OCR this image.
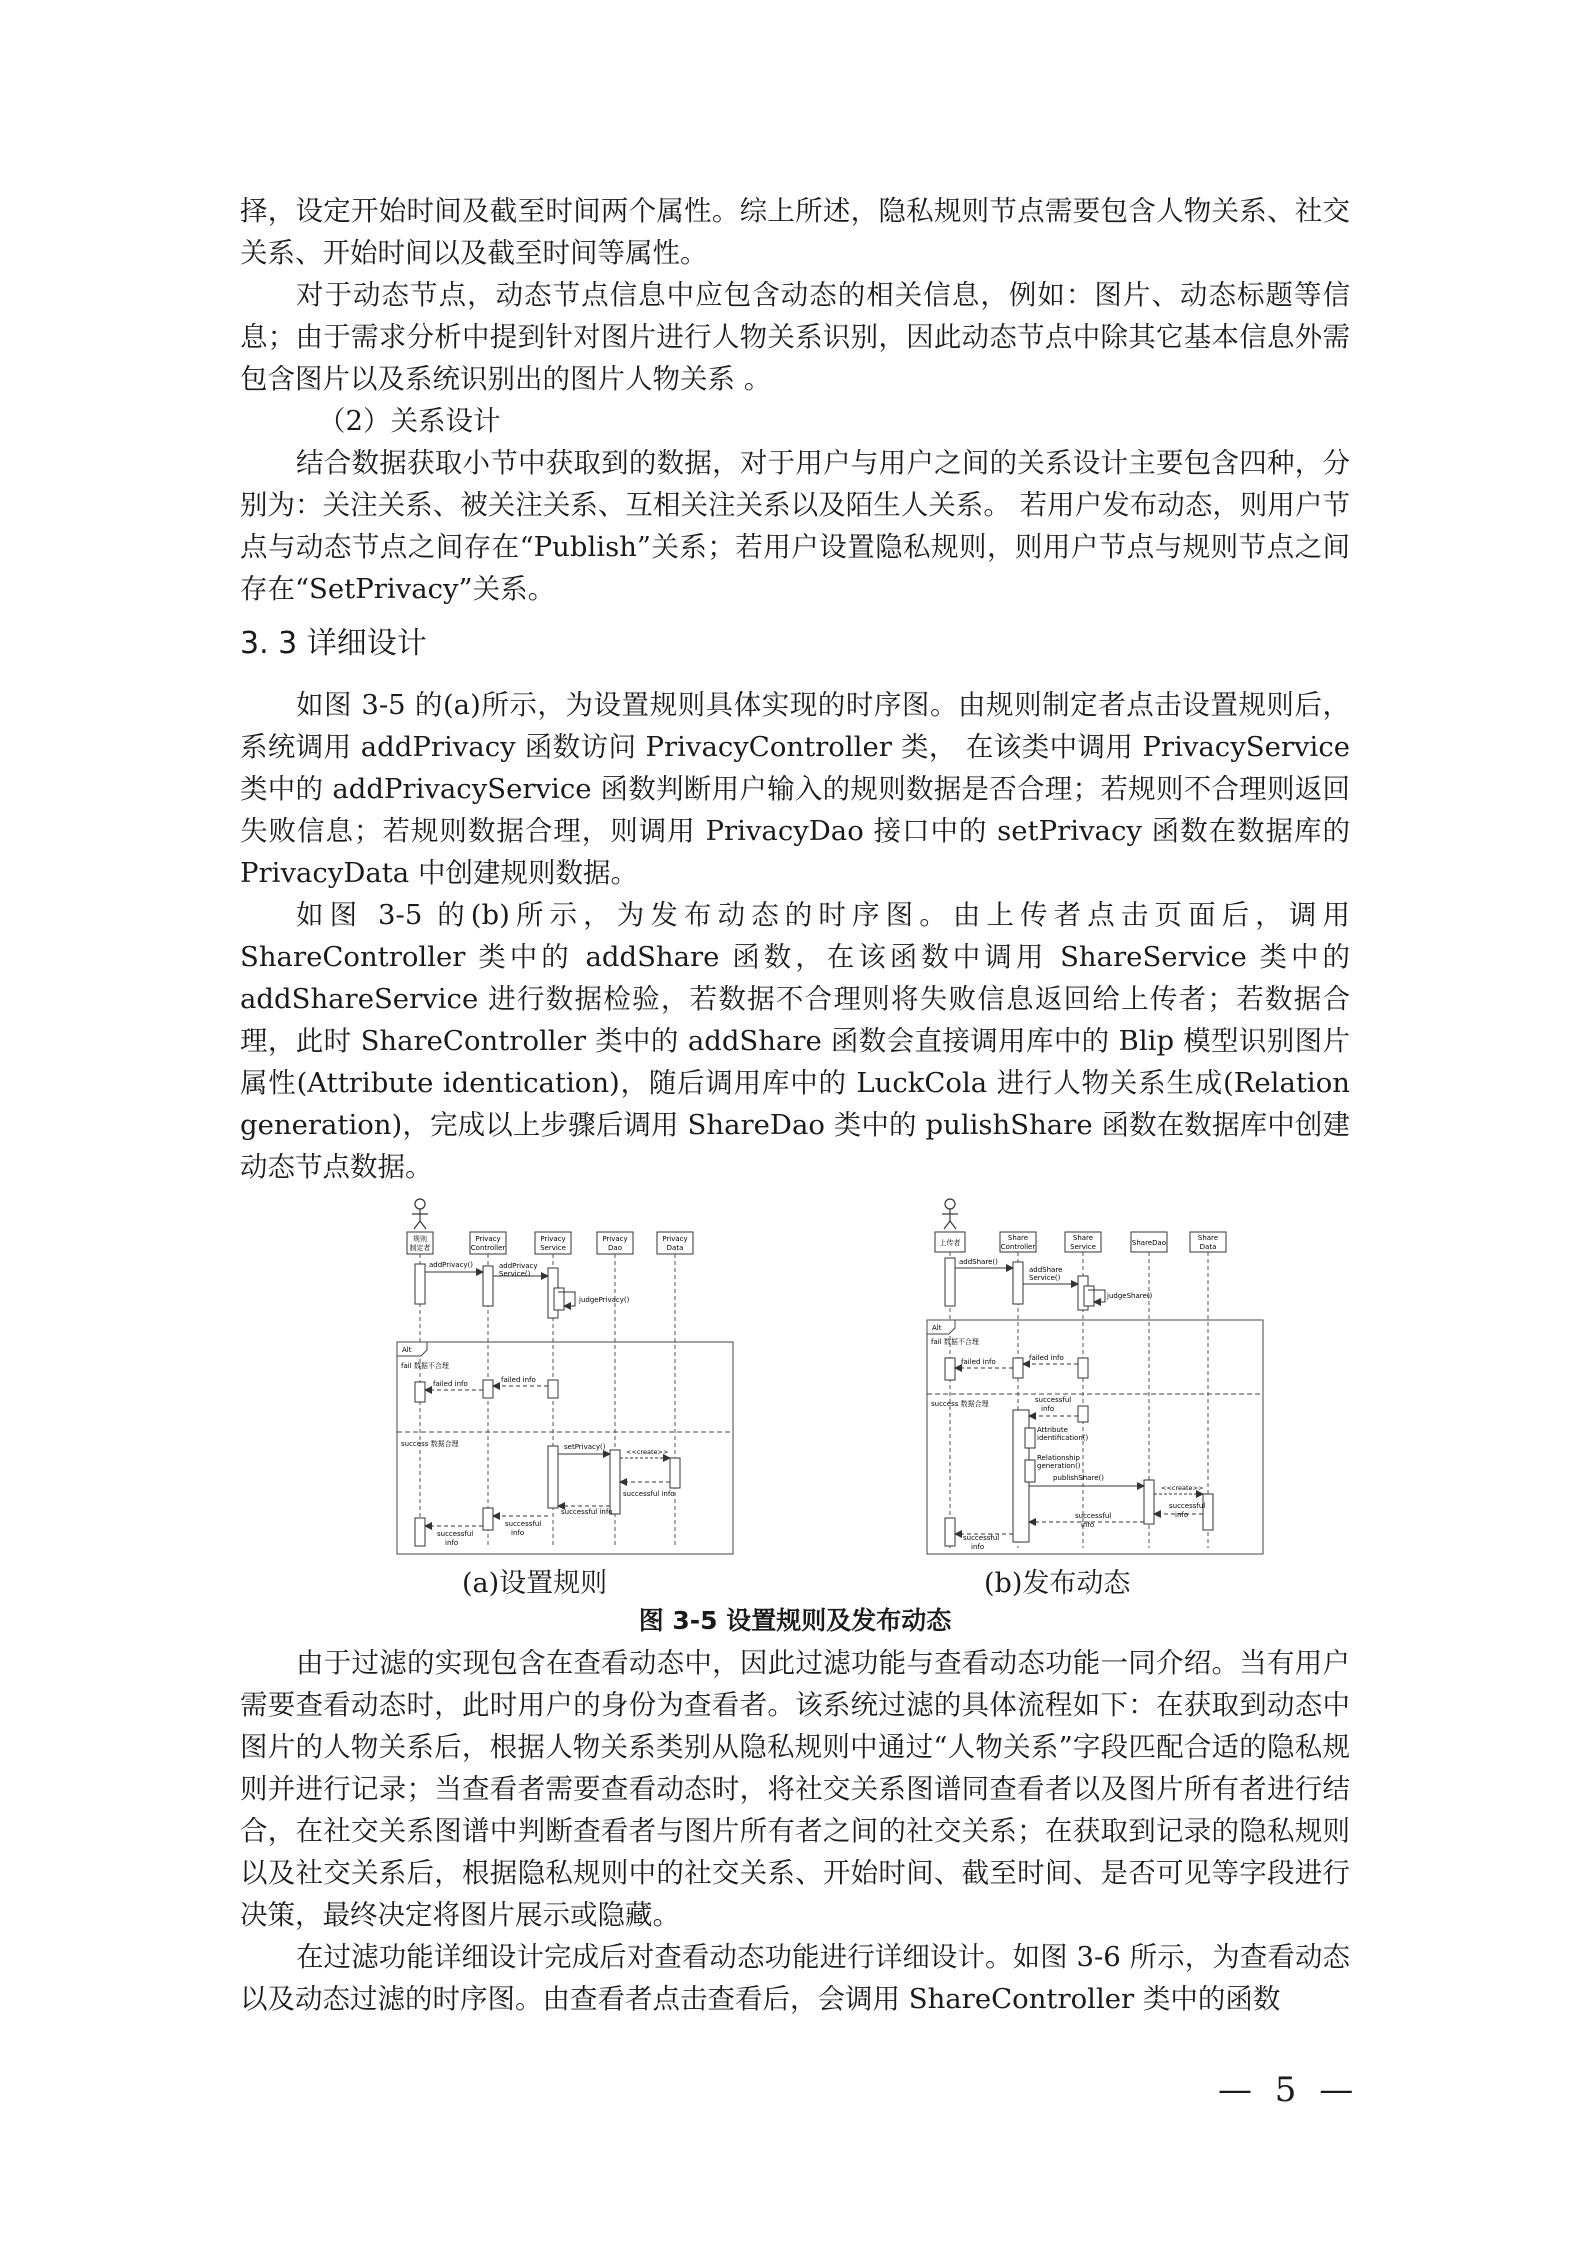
择，设定开始时间及截至时间两个属性。综上所述，隐私规则节点需要包含人物关系、社交关系、开始时间以及截至时间等属性。

对于动态节点，动态节点信息中应包含动态的相关信息，例如：图片、动态标题等信息；由于需求分析中提到针对图片进行人物关系识别，因此动态节点中除其它基本信息外需包含图片以及系统识别出的图片人物关系 。

（2）关系设计

结合数据获取小节中获取到的数据，对于用户与用户之间的关系设计主要包含四种，分别为：关注关系、被关注关系、互相关注关系以及陌生人关系。 若用户发布动态，则用户节点与动态节点之间存在“Publish”关系；若用户设置隐私规则，则用户节点与规则节点之间存在“SetPrivacy”关系。

3. 3 详细设计

如图 3-5 的(a)所示，为设置规则具体实现的时序图。由规则制定者点击设置规则后，系统调用 addPrivacy 函数访问 PrivacyController 类， 在该类中调用 PrivacyService 类中的 addPrivacyService 函数判断用户输入的规则数据是否合理；若规则不合理则返回失败信息；若规则数据合理，则调用 PrivacyDao 接口中的 setPrivacy 函数在数据库的 PrivacyData 中创建规则数据。

如图 3-5 的(b)所示，为发布动态的时序图。由上传者点击页面后，调用 ShareController 类中的 addShare 函数，在该函数中调用 ShareService 类中的 addShareService 进行数据检验，若数据不合理则将失败信息返回给上传者；若数据合理，此时 ShareController 类中的 addShare 函数会直接调用库中的 Blip 模型识别图片属性(Attribute identication)，随后调用库中的 LuckCola 进行人物关系生成(Relation generation)，完成以上步骤后调用 ShareDao 类中的 pulishShare 函数在数据库中创建动态节点数据。

规则
制定者
Privacy
Controller
Privacy
Service
Privacy
Dao
Privacy
Data
addPrivacy()	addPrivacy
Service()
judgePrivacy()
Alt
fail 数据不合理
success 数据合理
failed info
failed info
setPrivacy()
<<create>>
successful info
successful info
successful
info
successful
info
上传者
Share
Controller
Share
Service	ShareDao
Share
Data
addShare()
addShare
Service()
judgeShare()
Alt
fail 数据不合理
success 数据合理
failed info
failed info
successful
info
Attribute
identification()
Relationship
generation()
publishShare()
<<create>>
successful
info
successful
info
successful
info
(a)设置规则	(b)发布动态
图 3-5 设置规则及发布动态

由于过滤的实现包含在查看动态中，因此过滤功能与查看动态功能一同介绍。当有用户需要查看动态时，此时用户的身份为查看者。该系统过滤的具体流程如下：在获取到动态中图片的人物关系后，根据人物关系类别从隐私规则中通过“人物关系”字段匹配合适的隐私规则并进行记录；当查看者需要查看动态时，将社交关系图谱同查看者以及图片所有者进行结合，在社交关系图谱中判断查看者与图片所有者之间的社交关系；在获取到记录的隐私规则以及社交关系后，根据隐私规则中的社交关系、开始时间、截至时间、是否可见等字段进行决策，最终决定将图片展示或隐藏。

在过滤功能详细设计完成后对查看动态功能进行详细设计。如图 3-6 所示，为查看动态以及动态过滤的时序图。由查看者点击查看后，会调用 ShareController 类中的函数

— 5 —
